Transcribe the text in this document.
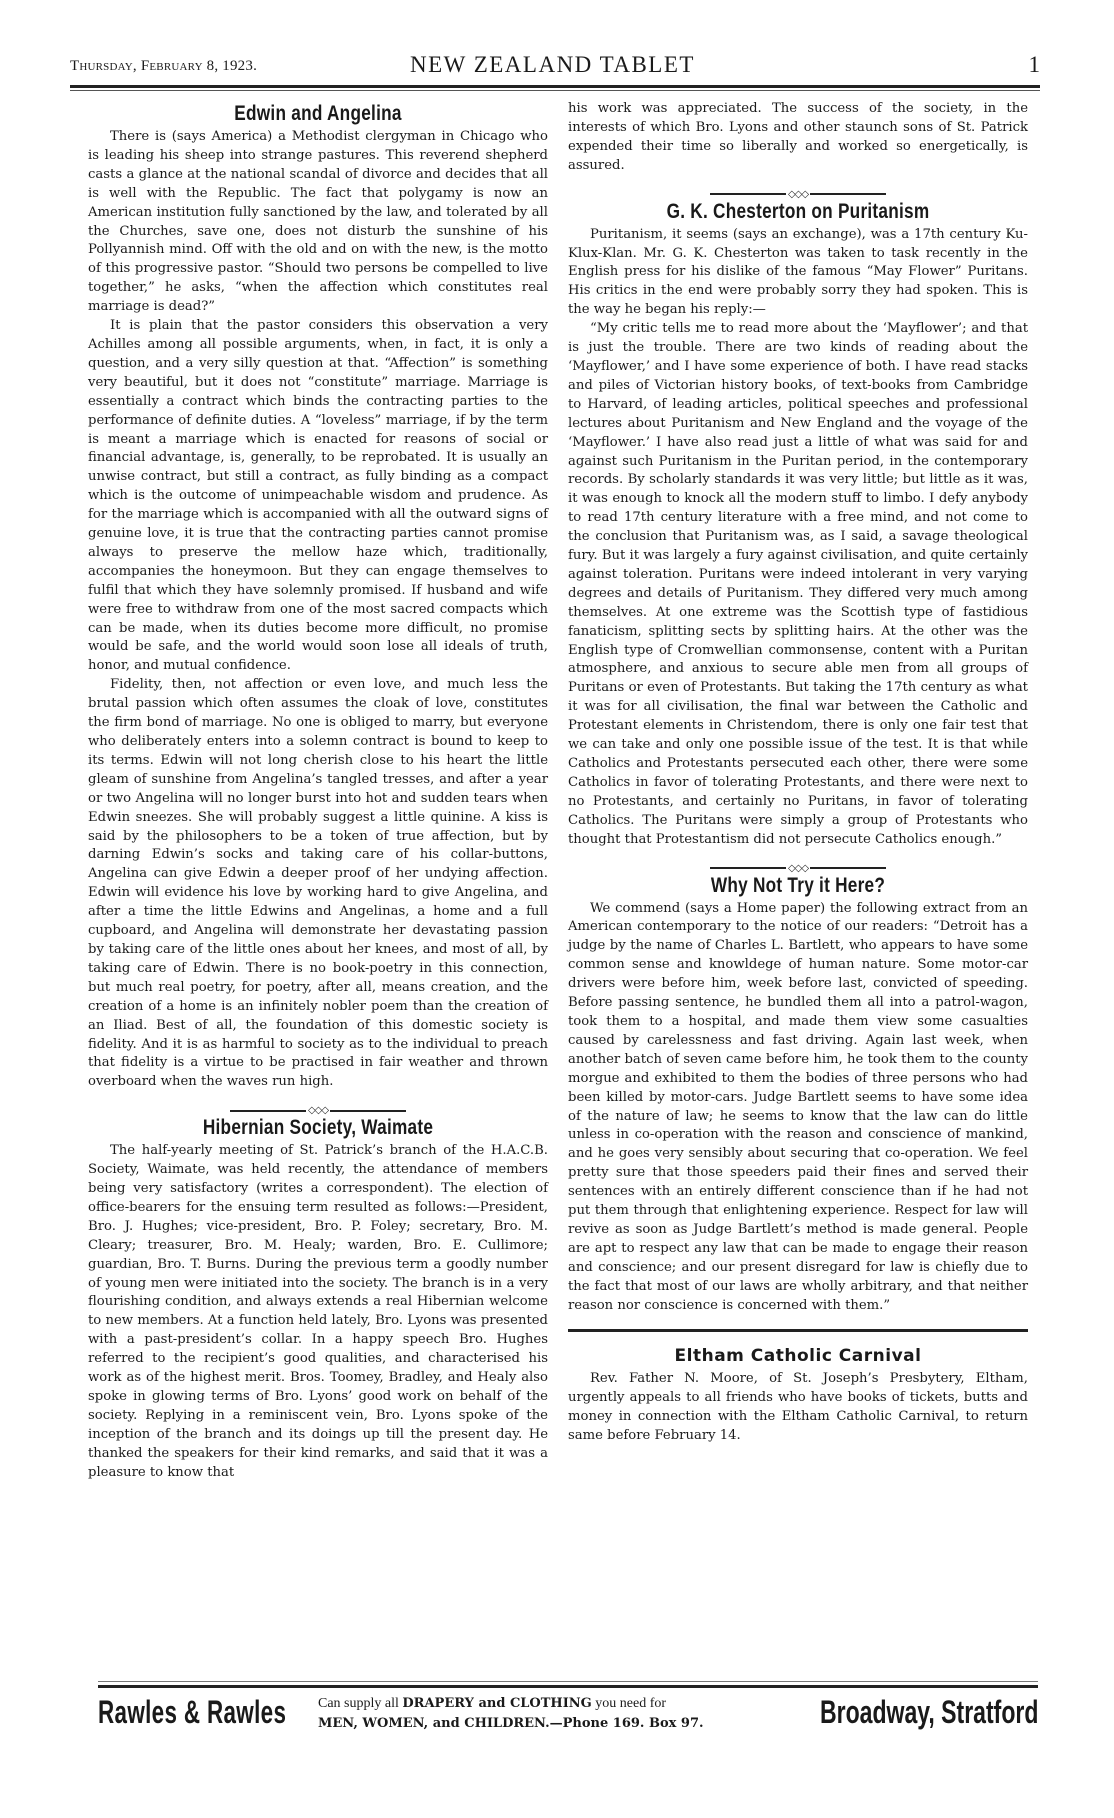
Thursday, February 8, 1923.	NEW ZEALAND TABLET	1
Edwin and Angelina

There is (says America) a Methodist clergyman in Chicago who is leading his sheep into strange pastures. This reverend shepherd casts a glance at the national scandal of divorce and decides that all is well with the Republic. The fact that polygamy is now an American institution fully sanctioned by the law, and tolerated by all the Churches, save one, does not disturb the sunshine of his Pollyannish mind. Off with the old and on with the new, is the motto of this progressive pastor. “Should two persons be compelled to live together,” he asks, “when the affection which constitutes real marriage is dead?”

It is plain that the pastor considers this observation a very Achilles among all possible arguments, when, in fact, it is only a question, and a very silly question at that. “Affection” is something very beautiful, but it does not “constitute” marriage. Marriage is essentially a contract which binds the contracting parties to the performance of definite duties. A “loveless” marriage, if by the term is meant a marriage which is enacted for reasons of social or financial advantage, is, generally, to be reprobated. It is usually an unwise contract, but still a contract, as fully binding as a compact which is the outcome of unimpeachable wisdom and prudence. As for the marriage which is accompanied with all the outward signs of genuine love, it is true that the contracting parties cannot promise always to preserve the mellow haze which, traditionally, accompanies the honeymoon. But they can engage themselves to fulfil that which they have solemnly promised. If husband and wife were free to withdraw from one of the most sacred compacts which can be made, when its duties become more difficult, no promise would be safe, and the world would soon lose all ideals of truth, honor, and mutual confidence.

Fidelity, then, not affection or even love, and much less the brutal passion which often assumes the cloak of love, constitutes the firm bond of marriage. No one is obliged to marry, but everyone who deliberately enters into a solemn contract is bound to keep to its terms. Edwin will not long cherish close to his heart the little gleam of sunshine from Angelina’s tangled tresses, and after a year or two Angelina will no longer burst into hot and sudden tears when Edwin sneezes. She will probably suggest a little quinine. A kiss is said by the philosophers to be a token of true affection, but by darning Edwin’s socks and taking care of his collar-buttons, Angelina can give Edwin a deeper proof of her undying affection. Edwin will evidence his love by working hard to give Angelina, and after a time the little Edwins and Angelinas, a home and a full cupboard, and Angelina will demonstrate her devastating passion by taking care of the little ones about her knees, and most of all, by taking care of Edwin. There is no book-poetry in this connection, but much real poetry, for poetry, after all, means creation, and the creation of a home is an infinitely nobler poem than the creation of an Iliad. Best of all, the foundation of this domestic society is fidelity. And it is as harmful to society as to the individual to preach that fidelity is a virtue to be practised in fair weather and thrown overboard when the waves run high.

◇◇◇
Hibernian Society, Waimate

The half-yearly meeting of St. Patrick’s branch of the H.A.C.B. Society, Waimate, was held recently, the attendance of members being very satisfactory (writes a correspondent). The election of office-bearers for the ensuing term resulted as follows:—President, Bro. J. Hughes; vice-president, Bro. P. Foley; secretary, Bro. M. Cleary; treasurer, Bro. M. Healy; warden, Bro. E. Cullimore; guardian, Bro. T. Burns. During the previous term a goodly number of young men were initiated into the society. The branch is in a very flourishing condition, and always extends a real Hibernian welcome to new members. At a function held lately, Bro. Lyons was presented with a past-president’s collar. In a happy speech Bro. Hughes referred to the recipient’s good qualities, and characterised his work as of the highest merit. Bros. Toomey, Bradley, and Healy also spoke in glowing terms of Bro. Lyons’ good work on behalf of the society. Replying in a reminiscent vein, Bro. Lyons spoke of the inception of the branch and its doings up till the present day. He thanked the speakers for their kind remarks, and said that it was a pleasure to know that

his work was appreciated. The success of the society, in the interests of which Bro. Lyons and other staunch sons of St. Patrick expended their time so liberally and worked so energetically, is assured.

◇◇◇
G. K. Chesterton on Puritanism

Puritanism, it seems (says an exchange), was a 17th century Ku-Klux-Klan. Mr. G. K. Chesterton was taken to task recently in the English press for his dislike of the famous “May Flower” Puritans. His critics in the end were probably sorry they had spoken. This is the way he began his reply:—

“My critic tells me to read more about the ‘Mayflower’; and that is just the trouble. There are two kinds of reading about the ‘Mayflower,’ and I have some experience of both. I have read stacks and piles of Victorian history books, of text-books from Cambridge to Harvard, of leading articles, political speeches and professional lectures about Puritanism and New England and the voyage of the ‘Mayflower.’ I have also read just a little of what was said for and against such Puritanism in the Puritan period, in the contemporary records. By scholarly standards it was very little; but little as it was, it was enough to knock all the modern stuff to limbo. I defy anybody to read 17th century literature with a free mind, and not come to the conclusion that Puritanism was, as I said, a savage theological fury. But it was largely a fury against civilisation, and quite certainly against toleration. Puritans were indeed intolerant in very varying degrees and details of Puritanism. They differed very much among themselves. At one extreme was the Scottish type of fastidious fanaticism, splitting sects by splitting hairs. At the other was the English type of Cromwellian commonsense, content with a Puritan atmosphere, and anxious to secure able men from all groups of Puritans or even of Protestants. But taking the 17th century as what it was for all civilisation, the final war between the Catholic and Protestant elements in Christendom, there is only one fair test that we can take and only one possible issue of the test. It is that while Catholics and Protestants persecuted each other, there were some Catholics in favor of tolerating Protestants, and there were next to no Protestants, and certainly no Puritans, in favor of tolerating Catholics. The Puritans were simply a group of Protestants who thought that Protestantism did not persecute Catholics enough.”

◇◇◇
Why Not Try it Here?

We commend (says a Home paper) the following extract from an American contemporary to the notice of our readers: “Detroit has a judge by the name of Charles L. Bartlett, who appears to have some common sense and knowldege of human nature. Some motor-car drivers were before him, week before last, convicted of speeding. Before passing sentence, he bundled them all into a patrol-wagon, took them to a hospital, and made them view some casualties caused by carelessness and fast driving. Again last week, when another batch of seven came before him, he took them to the county morgue and exhibited to them the bodies of three persons who had been killed by motor-cars. Judge Bartlett seems to have some idea of the nature of law; he seems to know that the law can do little unless in co-operation with the reason and conscience of mankind, and he goes very sensibly about securing that co-operation. We feel pretty sure that those speeders paid their fines and served their sentences with an entirely different conscience than if he had not put them through that enlightening experience. Respect for law will revive as soon as Judge Bartlett’s method is made general. People are apt to respect any law that can be made to engage their reason and conscience; and our present disregard for law is chiefly due to the fact that most of our laws are wholly arbitrary, and that neither reason nor conscience is concerned with them.”

Eltham Catholic Carnival

Rev. Father N. Moore, of St. Joseph’s Presbytery, Eltham, urgently appeals to all friends who have books of tickets, butts and money in connection with the Eltham Catholic Carnival, to return same before February 14.

Rawles & Rawles Can supply all DRAPERY and CLOTHING you need for
MEN, WOMEN, and CHILDREN.—Phone 169. Box 97.	Broadway, Stratford
